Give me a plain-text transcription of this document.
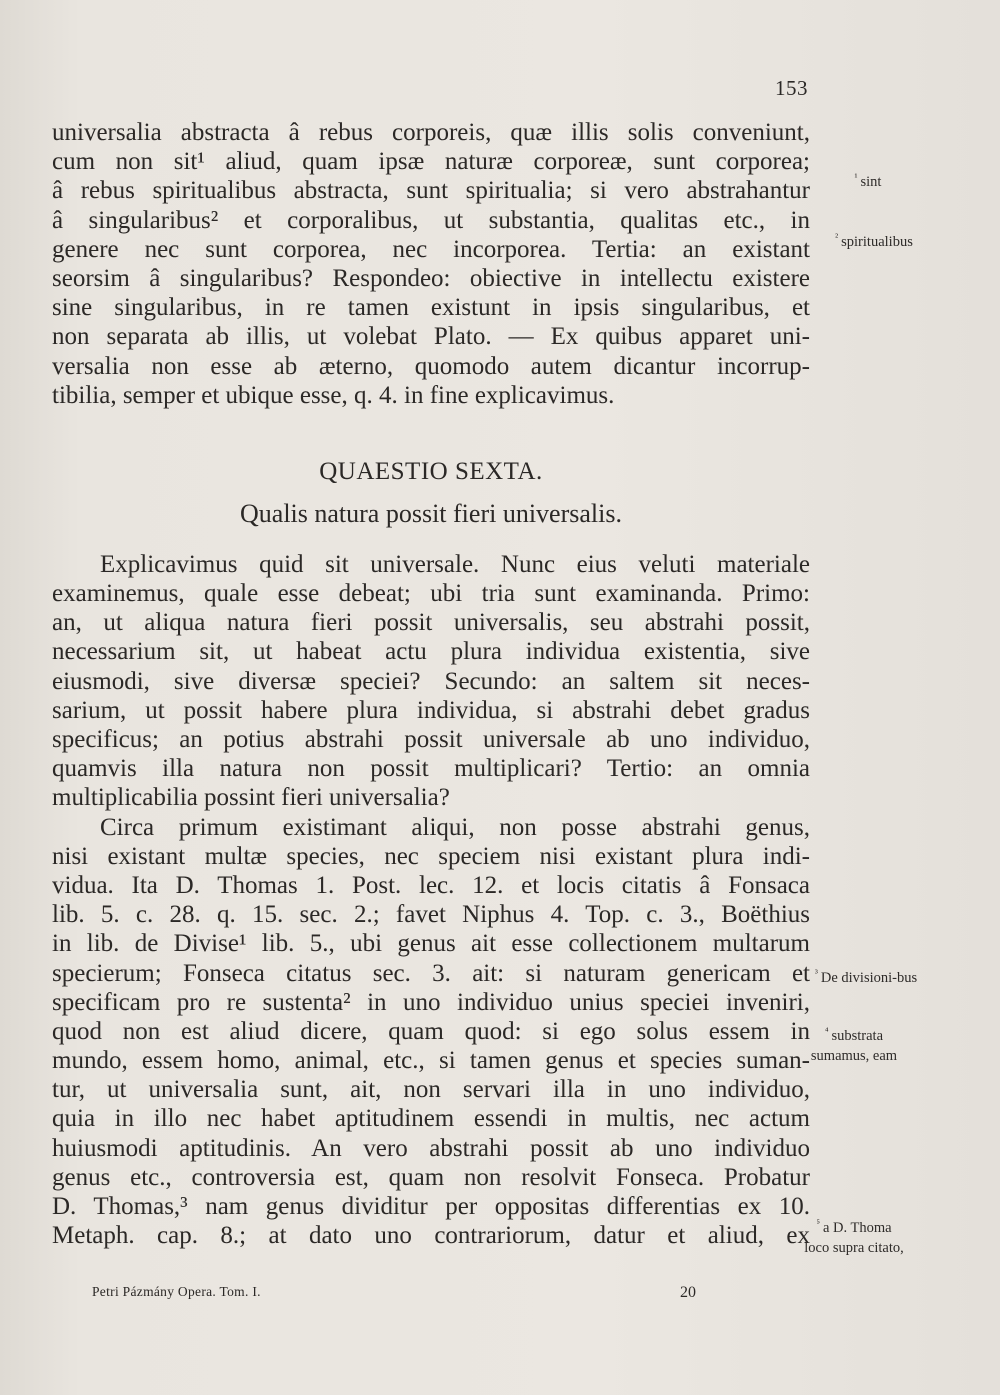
153
universalia abstracta â rebus corporeis, quæ illis solis conveniunt,
cum non sit¹ aliud, quam ipsæ naturæ corporeæ, sunt corporea;
â rebus spiritualibus abstracta, sunt spiritualia; si vero abstrahantur
â singularibus² et corporalibus, ut substantia, qualitas etc., in
genere nec sunt corporea, nec incorporea. Tertia: an existant
seorsim â singularibus? Respondeo: obiective in intellectu existere
sine singularibus, in re tamen existunt in ipsis singularibus, et
non separata ab illis, ut volebat Plato. — Ex quibus apparet uni-
versalia non esse ab æterno, quomodo autem dicantur incorrup-
tibilia, semper et ubique esse, q. 4. in fine explicavimus.
QUAESTIO SEXTA.
Qualis natura possit fieri universalis.
Explicavimus quid sit universale. Nunc eius veluti materiale
examinemus, quale esse debeat; ubi tria sunt examinanda. Primo:
an, ut aliqua natura fieri possit universalis, seu abstrahi possit,
necessarium sit, ut habeat actu plura individua existentia, sive
eiusmodi, sive diversæ speciei? Secundo: an saltem sit neces-
sarium, ut possit habere plura individua, si abstrahi debet gradus
specificus; an potius abstrahi possit universale ab uno individuo,
quamvis illa natura non possit multiplicari? Tertio: an omnia
multiplicabilia possint fieri universalia?
Circa primum existimant aliqui, non posse abstrahi genus,
nisi existant multæ species, nec speciem nisi existant plura indi-
vidua. Ita D. Thomas 1. Post. lec. 12. et locis citatis â Fonsaca
lib. 5. c. 28. q. 15. sec. 2.; favet Niphus 4. Top. c. 3., Boëthius
in lib. de Divise¹ lib. 5., ubi genus ait esse collectionem multarum
specierum; Fonseca citatus sec. 3. ait: si naturam genericam et
specificam pro re sustenta² in uno individuo unius speciei inveniri,
quod non est aliud dicere, quam quod: si ego solus essem in
mundo, essem homo, animal, etc., si tamen genus et species suman-
tur, ut universalia sunt, ait, non servari illa in uno individuo,
quia in illo nec habet aptitudinem essendi in multis, nec actum
huiusmodi aptitudinis. An vero abstrahi possit ab uno individuo
genus etc., controversia est, quam non resolvit Fonseca. Probatur
D. Thomas,³ nam genus dividitur per oppositas differentias ex 10.
Metaph. cap. 8.; at dato uno contrariorum, datur et aliud, ex
$^{^1}$ sint
$^{^2}$ spiritualibus
$^{^3}$ De divisioni-bus
$^{^4}$ substrata sumamus, eam
$^{^5}$ a D. Thoma loco supra citato,
Petri Pázmány Opera. Tom. I.	20
